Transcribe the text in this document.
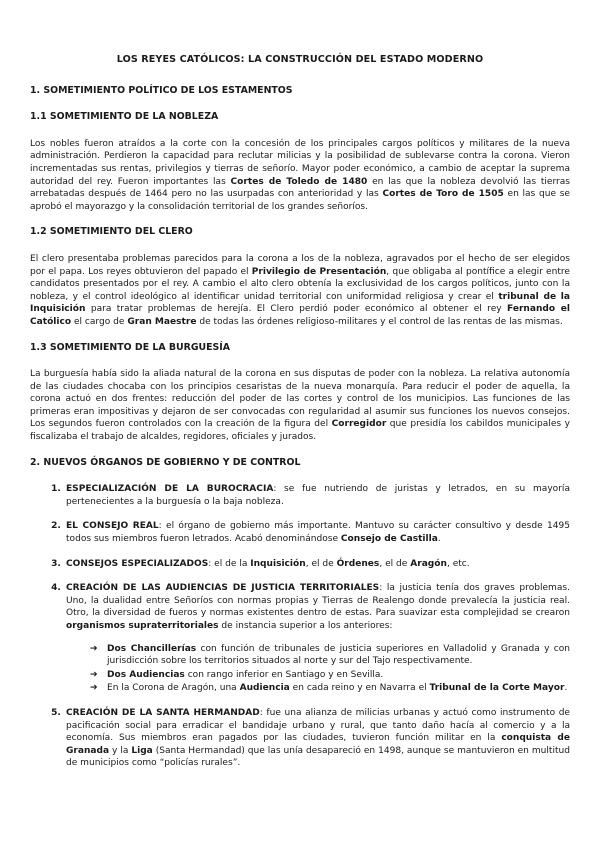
LOS REYES CATÓLICOS: LA CONSTRUCCIÓN DEL ESTADO MODERNO
1. SOMETIMIENTO POLÍTICO DE LOS ESTAMENTOS
1.1 SOMETIMIENTO DE LA NOBLEZA

Los nobles fueron atraídos a la corte con la concesión de los principales cargos políticos y militares de la nueva administración. Perdieron la capacidad para reclutar milicias y la posibilidad de sublevarse contra la corona. Vieron incrementadas sus rentas, privilegios y tierras de señorío. Mayor poder económico, a cambio de aceptar la suprema autoridad del rey. Fueron importantes las Cortes de Toledo de 1480 en las que la nobleza devolvió las tierras arrebatadas después de 1464 pero no las usurpadas con anterioridad y las Cortes de Toro de 1505 en las que se aprobó el mayorazgo y la consolidación territorial de los grandes señoríos.

1.2 SOMETIMIENTO DEL CLERO

El clero presentaba problemas parecidos para la corona a los de la nobleza, agravados por el hecho de ser elegidos por el papa. Los reyes obtuvieron del papado el Privilegio de Presentación, que obligaba al pontífice a elegir entre candidatos presentados por el rey. A cambio el alto clero obtenía la exclusividad de los cargos políticos, junto con la nobleza, y el control ideológico al identificar unidad territorial con uniformidad religiosa y crear el tribunal de la Inquisición para tratar problemas de herejía. El Clero perdió poder económico al obtener el rey Fernando el Católico el cargo de Gran Maestre de todas las órdenes religioso-militares y el control de las rentas de las mismas.

1.3 SOMETIMIENTO DE LA BURGUESÍA

La burguesía había sido la aliada natural de la corona en sus disputas de poder con la nobleza. La relativa autonomía de las ciudades chocaba con los principios cesaristas de la nueva monarquía. Para reducir el poder de aquella, la corona actuó en dos frentes: reducción del poder de las cortes y control de los municipios. Las funciones de las primeras eran impositivas y dejaron de ser convocadas con regularidad al asumir sus funciones los nuevos consejos. Los segundos fueron controlados con la creación de la figura del Corregidor que presidía los cabildos municipales y fiscalizaba el trabajo de alcaldes, regidores, oficiales y jurados.

2. NUEVOS ÓRGANOS DE GOBIERNO Y DE CONTROL
1. ESPECIALIZACIÓN DE LA BUROCRACIA: se fue nutriendo de juristas y letrados, en su mayoría pertenecientes a la burguesía o la baja nobleza.
2. EL CONSEJO REAL: el órgano de gobierno más importante. Mantuvo su carácter consultivo y desde 1495 todos sus miembros fueron letrados. Acabó denominándose Consejo de Castilla.
3. CONSEJOS ESPECIALIZADOS: el de la Inquisición, el de Órdenes, el de Aragón, etc.
4. CREACIÓN DE LAS AUDIENCIAS DE JUSTICIA TERRITORIALES: la justicia tenía dos graves problemas. Uno, la dualidad entre Señoríos con normas propias y Tierras de Realengo donde prevalecía la justicia real. Otro, la diversidad de fueros y normas existentes dentro de estas. Para suavizar esta complejidad se crearon organismos supraterritoriales de instancia superior a los anteriores:
➔ Dos Chancillerías con función de tribunales de justicia superiores en Valladolid y Granada y con jurisdicción sobre los territorios situados al norte y sur del Tajo respectivamente.
➔ Dos Audiencias con rango inferior en Santiago y en Sevilla.
➔ En la Corona de Aragón, una Audiencia en cada reino y en Navarra el Tribunal de la Corte Mayor.
5. CREACIÓN DE LA SANTA HERMANDAD: fue una alianza de milicias urbanas y actuó como instrumento de pacificación social para erradicar el bandidaje urbano y rural, que tanto daño hacía al comercio y a la economía. Sus miembros eran pagados por las ciudades, tuvieron función militar en la conquista de Granada y la Liga (Santa Hermandad) que las unía desapareció en 1498, aunque se mantuvieron en multitud de municipios como “policías rurales”.
